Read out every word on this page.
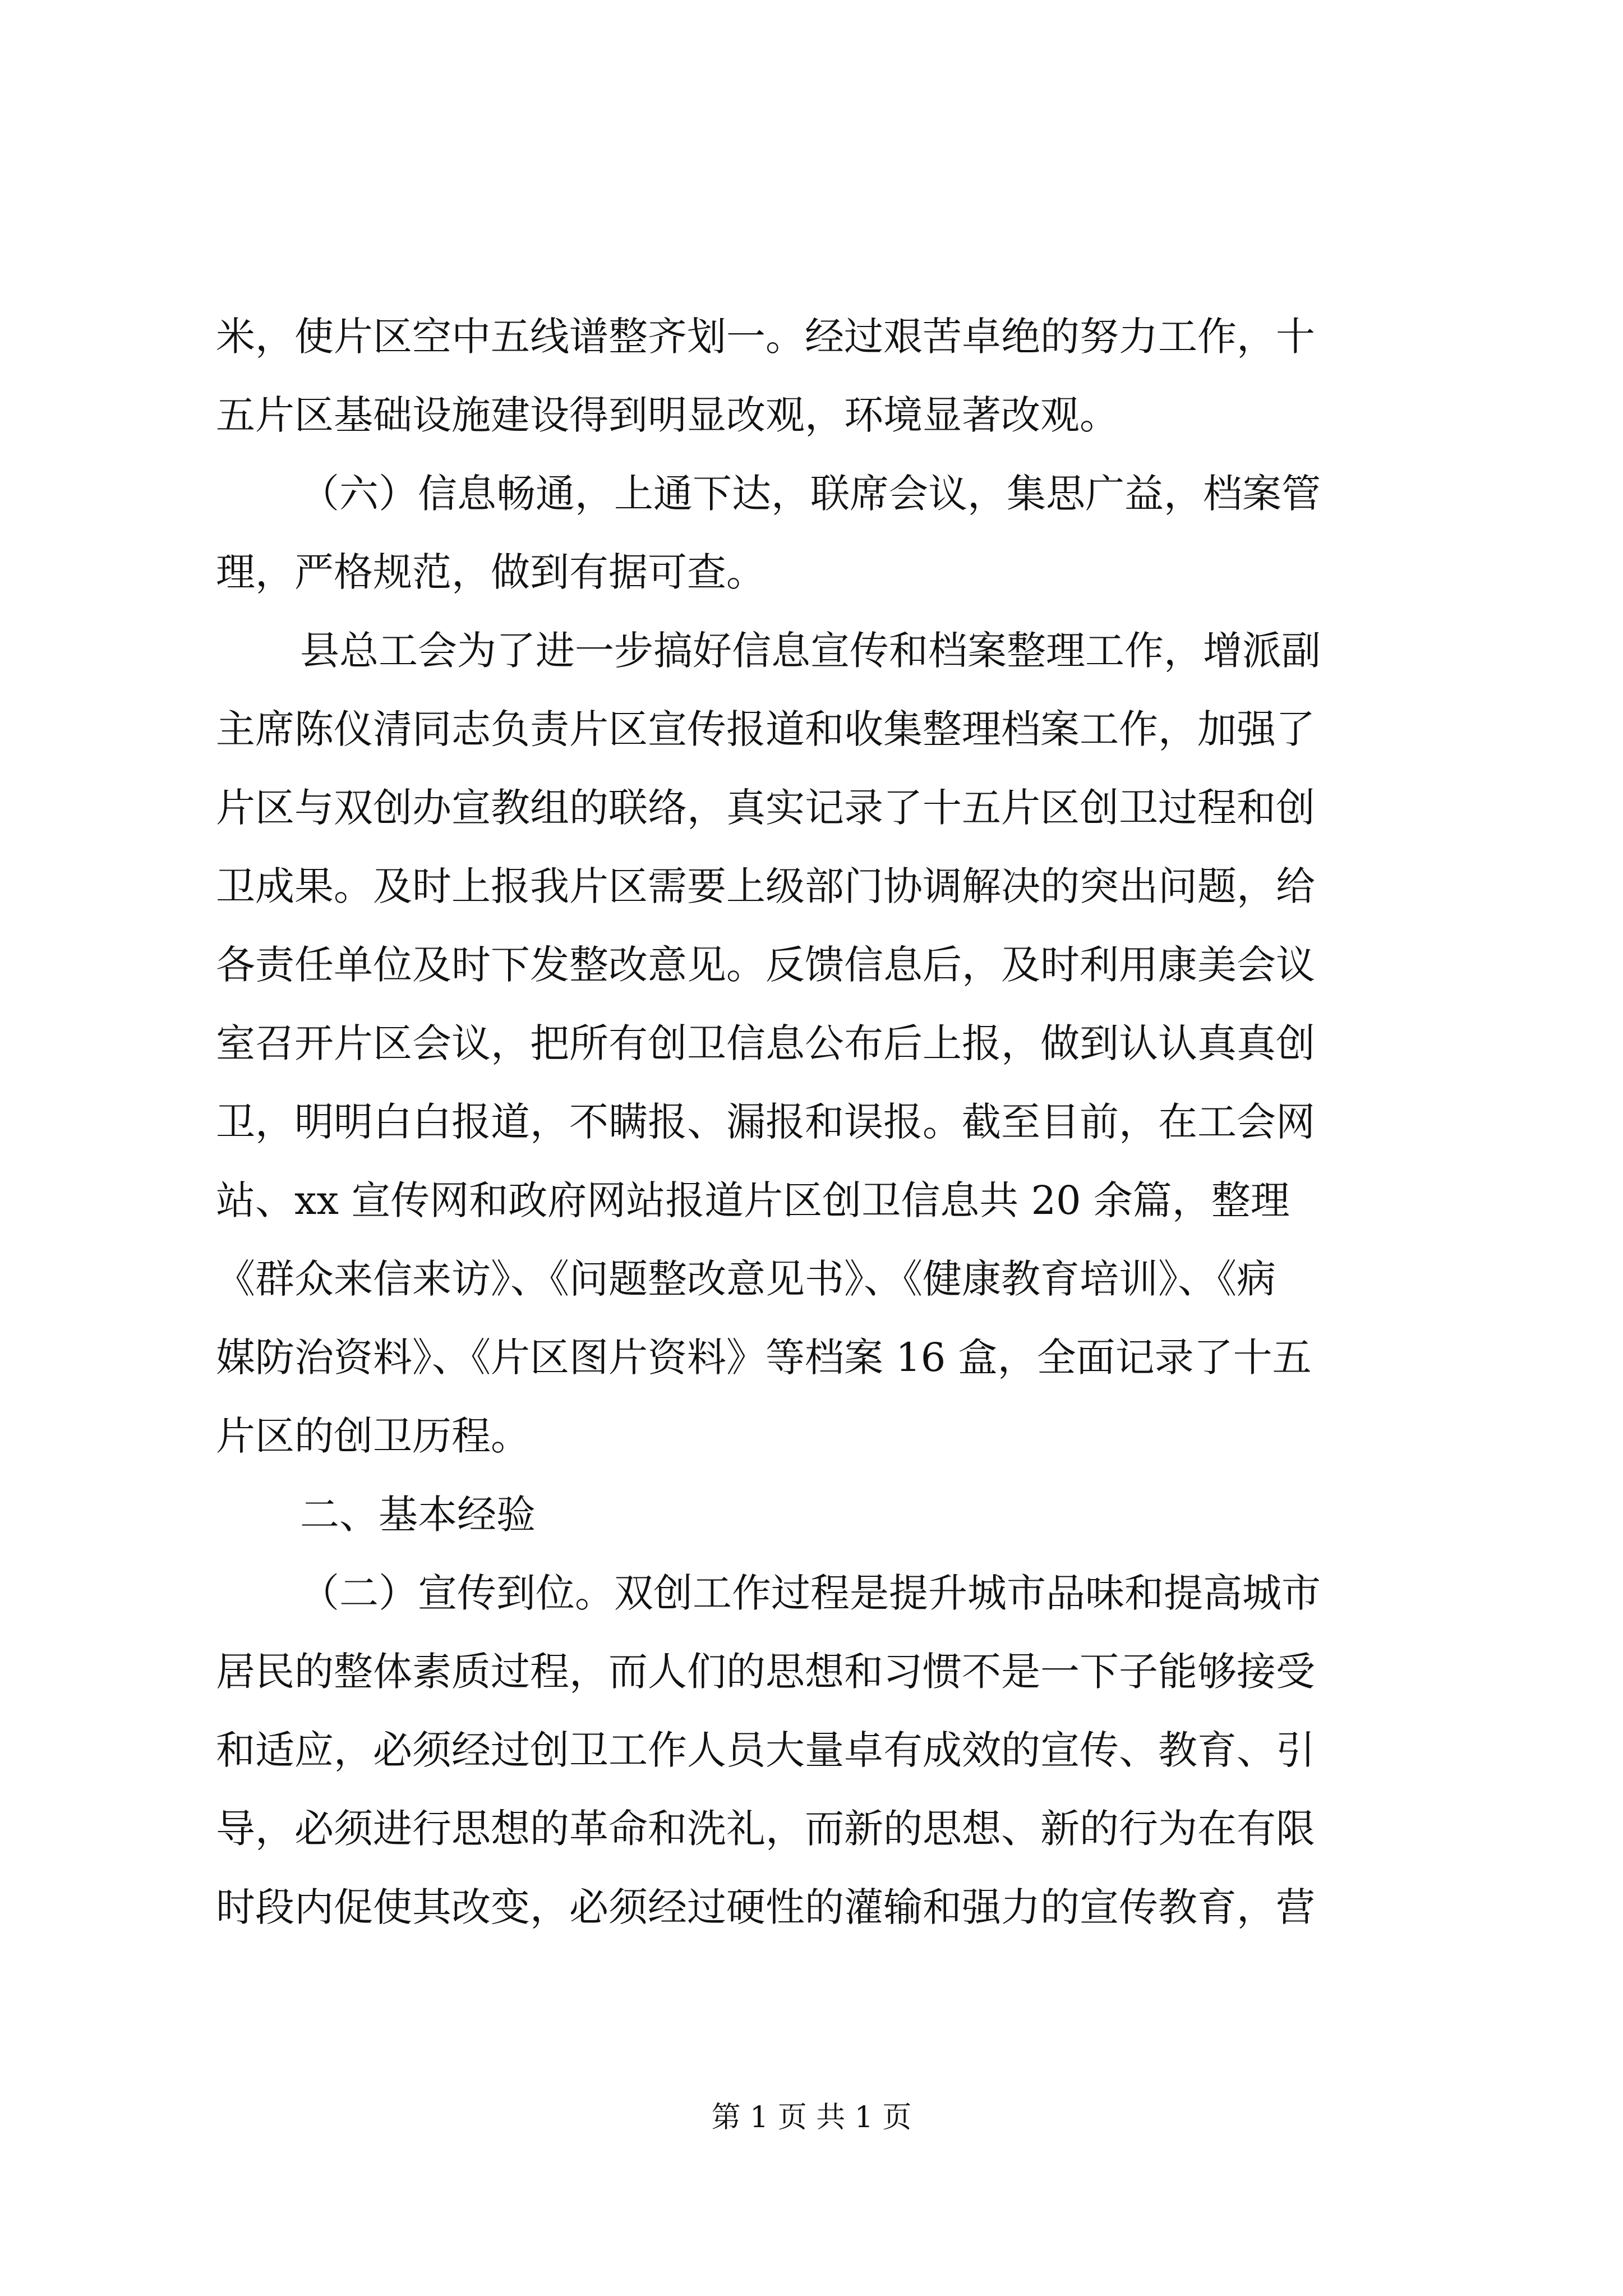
米，使片区空中五线谱整齐划一。经过艰苦卓绝的努力工作，十
五片区基础设施建设得到明显改观，环境显著改观。
（六）信息畅通，上通下达，联席会议，集思广益，档案管
理，严格规范，做到有据可查。
县总工会为了进一步搞好信息宣传和档案整理工作，增派副
主席陈仪清同志负责片区宣传报道和收集整理档案工作，加强了
片区与双创办宣教组的联络，真实记录了十五片区创卫过程和创
卫成果。及时上报我片区需要上级部门协调解决的突出问题，给
各责任单位及时下发整改意见。反馈信息后，及时利用康美会议
室召开片区会议，把所有创卫信息公布后上报，做到认认真真创
卫，明明白白报道，不瞒报、漏报和误报。截至目前，在工会网
站、xx 宣传网和政府网站报道片区创卫信息共 20 余篇，整理
《群众来信来访》、《问题整改意见书》、《健康教育培训》、《病
媒防治资料》、《片区图片资料》等档案 16 盒，全面记录了十五
片区的创卫历程。
二、基本经验
（二）宣传到位。双创工作过程是提升城市品味和提高城市
居民的整体素质过程，而人们的思想和习惯不是一下子能够接受
和适应，必须经过创卫工作人员大量卓有成效的宣传、教育、引
导，必须进行思想的革命和洗礼，而新的思想、新的行为在有限
时段内促使其改变，必须经过硬性的灌输和强力的宣传教育，营
第 1 页 共 1 页
